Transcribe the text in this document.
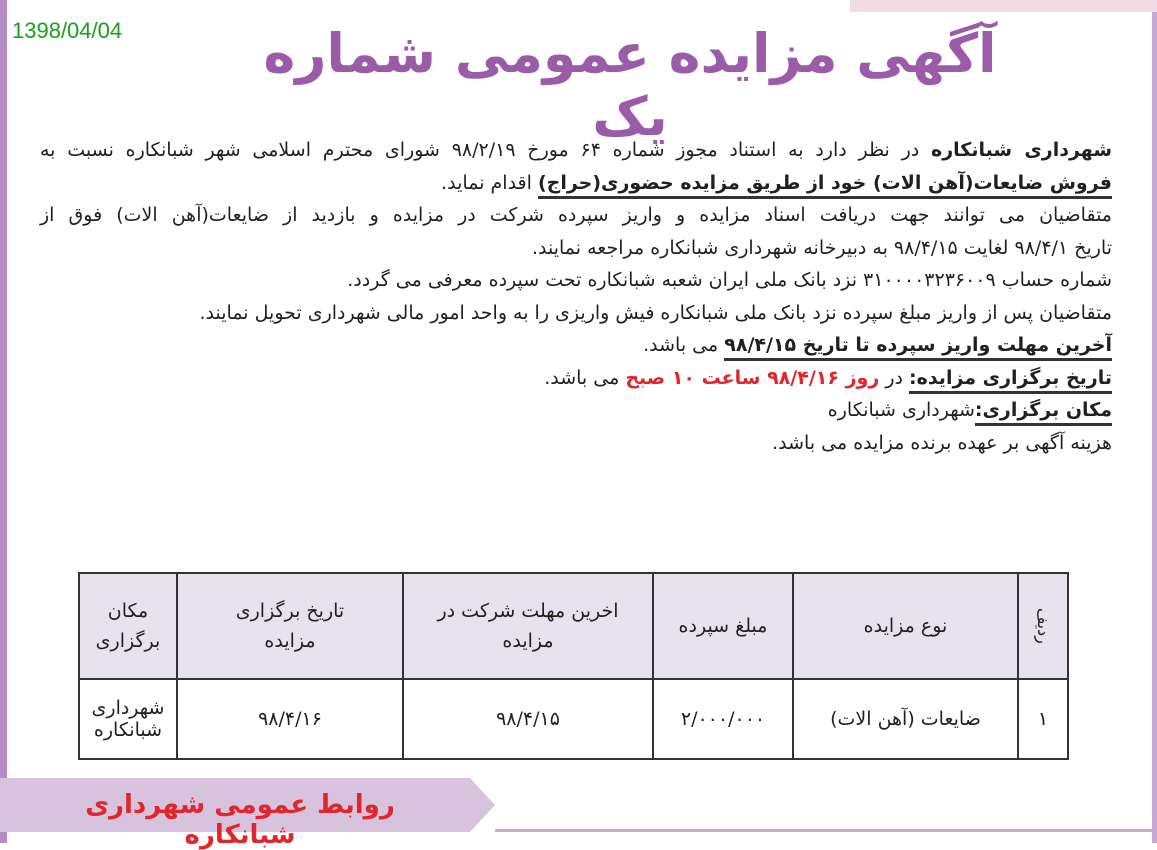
1398/04/04	آگهی مزایده عمومی شماره یک
شهرداری شبانکاره در نظر دارد به استناد مجوز شماره ۶۴ مورخ ۹۸/۲/۱۹ شورای محترم اسلامی شهر شبانکاره نسبت به
فروش ضایعات(آهن الات) خود از طریق مزایده حضوری(حراج) اقدام نماید.
متقاضیان می توانند جهت دریافت اسناد مزایده و واریز سپرده شرکت در مزایده و بازدید از ضایعات(آهن الات) فوق از
تاریخ ۹۸/۴/۱ لغایت ۹۸/۴/۱۵ به دبیرخانه شهرداری شبانکاره مراجعه نمایند.
شماره حساب ۳۱۰۰۰۰۳۲۳۶۰۰۹ نزد بانک ملی ایران شعبه شبانکاره تحت سپرده معرفی می گردد.
متقاضیان پس از واریز مبلغ سپرده نزد بانک ملی شبانکاره فیش واریزی را به واحد امور مالی شهرداری تحویل نمایند.
آخرین مهلت واریز سپرده تا تاریخ ۹۸/۴/۱۵ می باشد.
تاریخ برگزاری مزایده: در روز ۹۸/۴/۱۶ ساعت ۱۰ صبح می باشد.
مکان برگزاری:شهرداری شبانکاره
هزینه آگهی بر عهده برنده مزایده می باشد.
ردیف	نوع مزایده	مبلغ سپرده	اخرین مهلت شرکت در مزایده	تاریخ برگزاری مزایده	مکان برگزاری
۱	ضایعات (آهن الات)	۲/۰۰۰/۰۰۰	۹۸/۴/۱۵	۹۸/۴/۱۶	شهرداری شبانکاره
روابط عمومی شهرداری شبانکاره
